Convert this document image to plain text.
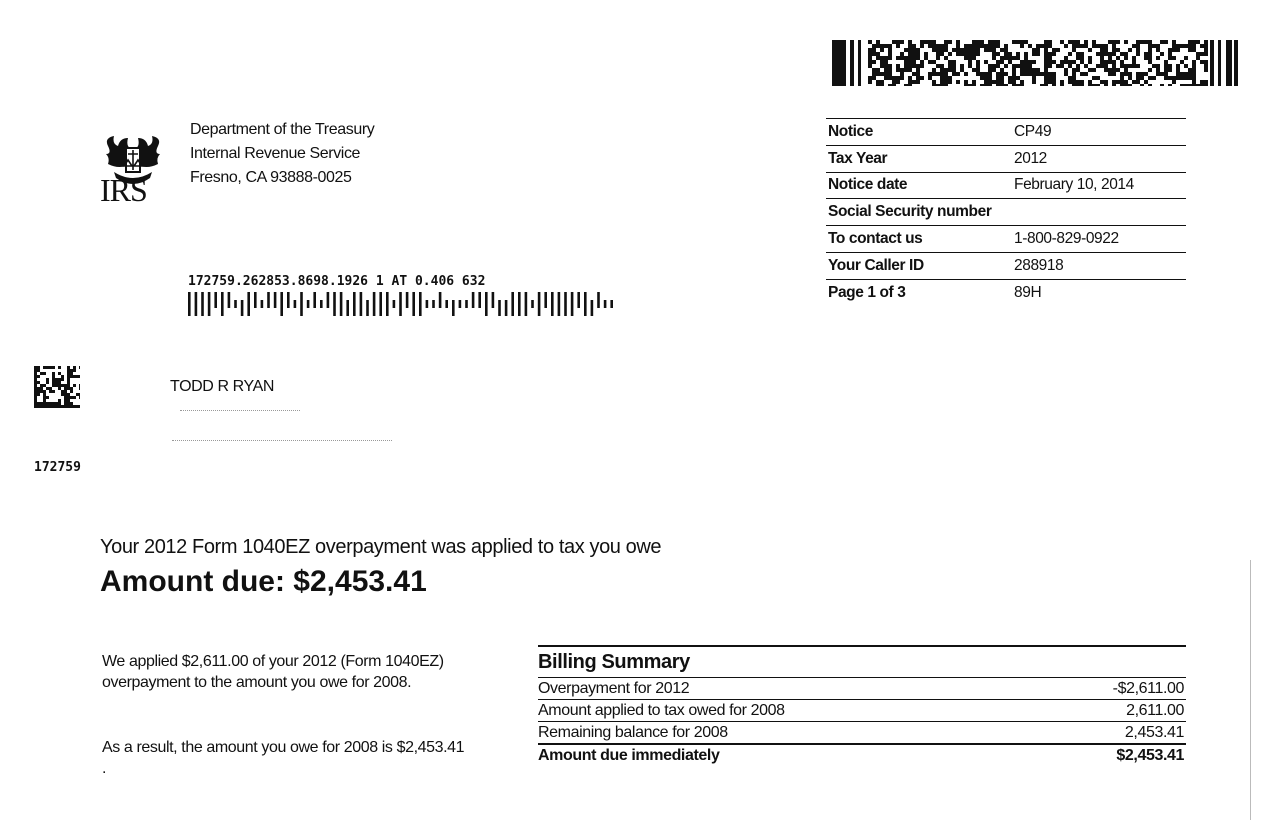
IRS
Department of the Treasury
Internal Revenue Service
Fresno, CA 93888-0025
Notice	CP49
Tax Year	2012
Notice date	February 10, 2014
Social Security number
To contact us	1-800-829-0922
Your Caller ID	288918
Page 1 of 3	89H
172759.262853.8698.1926 1 AT 0.406 632
172759
TODD R RYAN
Your 2012 Form 1040EZ overpayment was applied to tax you owe
Amount due: $2,453.41
We applied $2,611.00 of your 2012 (Form 1040EZ) overpayment to the amount you owe for 2008.
As a result, the amount you owe for 2008 is $2,453.41 .
Billing Summary
Overpayment for 2012	-$2,611.00
Amount applied to tax owed for 2008	2,611.00
Remaining balance for 2008	2,453.41
Amount due immediately	$2,453.41
